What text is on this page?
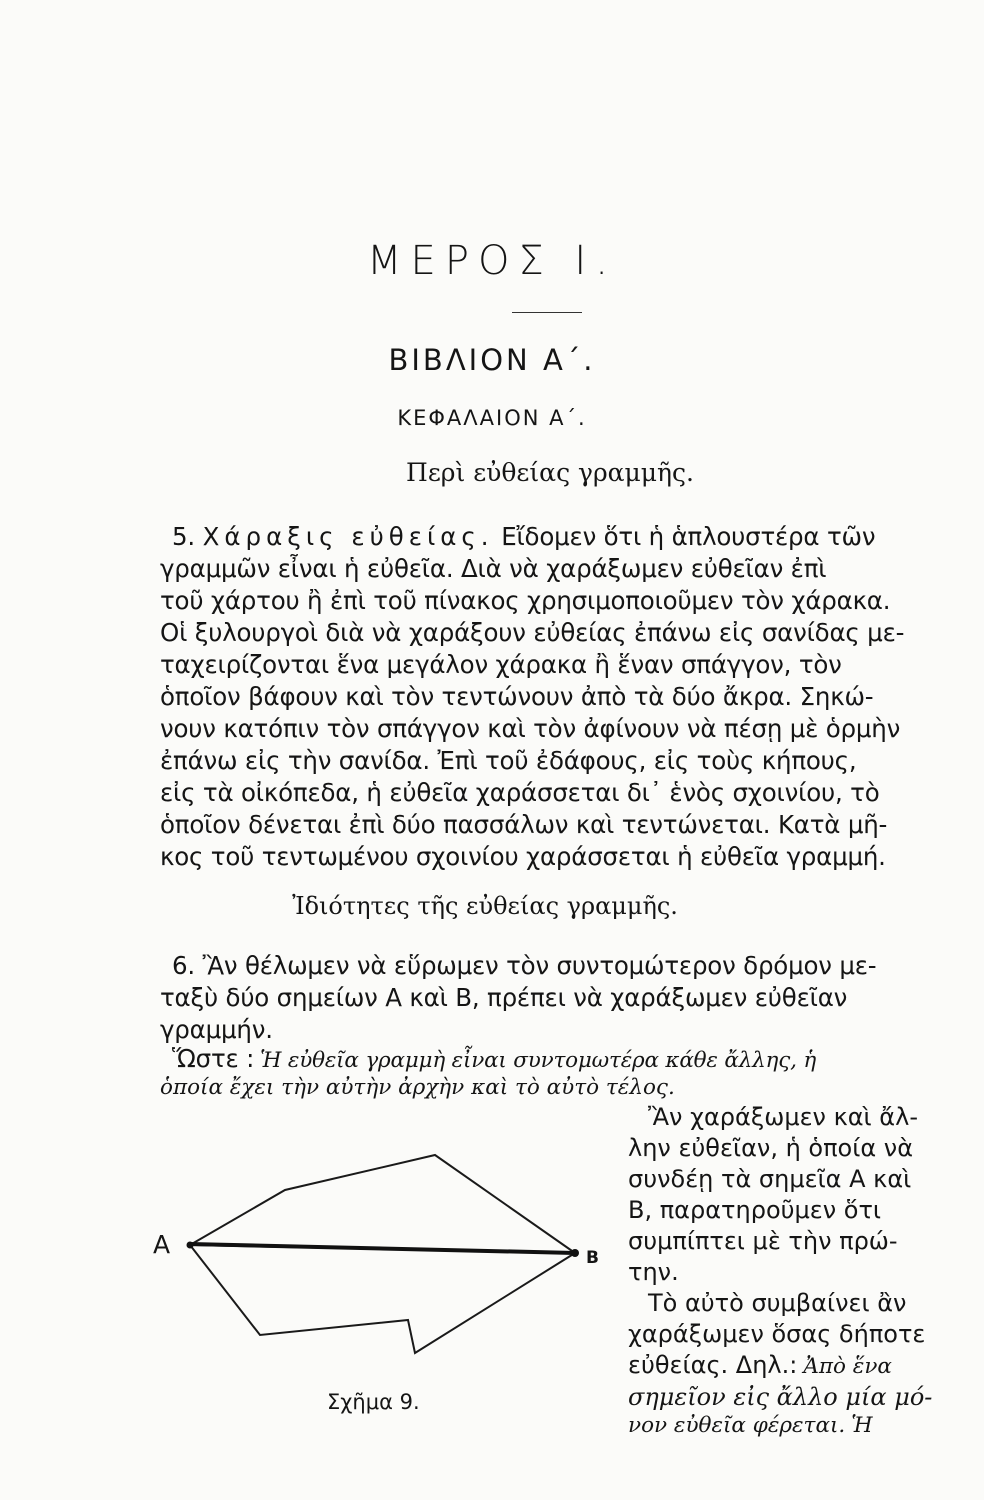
ΜΕΡΟΣ Ι.
ΒΙΒΛΙΟΝ Α΄.
ΚΕΦΑΛΑΙΟΝ Α΄.
Περὶ εὐθείας γραμμῆς.
5. Χάραξις εὐθείας. Εἴδομεν ὅτι ἡ ἁπλουστέρα τῶν
γραμμῶν εἶναι ἡ εὐθεῖα. Διὰ νὰ χαράξωμεν εὐθεῖαν ἐπὶ
τοῦ χάρτου ἢ ἐπὶ τοῦ πίνακος χρησιμοποιοῦμεν τὸν χάρακα.
Οἱ ξυλουργοὶ διὰ νὰ χαράξουν εὐθείας ἐπάνω εἰς σανίδας με-
ταχειρίζονται ἕνα μεγάλον χάρακα ἢ ἕναν σπάγγον, τὸν
ὁποῖον βάφουν καὶ τὸν τεντώνουν ἀπὸ τὰ δύο ἄκρα. Σηκώ-
νουν κατόπιν τὸν σπάγγον καὶ τὸν ἀφίνουν νὰ πέσῃ μὲ ὁρμὴν
ἐπάνω εἰς τὴν σανίδα. Ἐπὶ τοῦ ἐδάφους, εἰς τοὺς κήπους,
εἰς τὰ οἰκόπεδα, ἡ εὐθεῖα χαράσσεται δι᾿ ἑνὸς σχοινίου, τὸ
ὁποῖον δένεται ἐπὶ δύο πασσάλων καὶ τεντώνεται. Κατὰ μῆ-
κος τοῦ τεντωμένου σχοινίου χαράσσεται ἡ εὐθεῖα γραμμή.
Ἰδιότητες τῆς εὐθείας γραμμῆς.
6. Ἂν θέλωμεν νὰ εὕρωμεν τὸν συντομώτερον δρόμον με-
ταξὺ δύο σημείων Α καὶ Β, πρέπει νὰ χαράξωμεν εὐθεῖαν
γραμμήν.
Ὥστε : Ἡ εὐθεῖα γραμμὴ εἶναι συντομωτέρα κάθε ἄλλης, ἡ
ὁποία ἔχει τὴν αὐτὴν ἀρχὴν καὶ τὸ αὐτὸ τέλος.
Ἂν χαράξωμεν καὶ ἄλ-
λην εὐθεῖαν, ἡ ὁποία νὰ
συνδέῃ τὰ σημεῖα Α καὶ
Β, παρατηροῦμεν ὅτι
συμπίπτει μὲ τὴν πρώ-
την.
Τὸ αὐτὸ συμβαίνει ἂν
χαράξωμεν ὅσας δήποτε
εὐθείας. Δηλ.: Ἀπὸ ἕνα
σημεῖον εἰς ἄλλο μία μό-
νον εὐθεῖα φέρεται. Ἡ
Α	Β
Σχῆμα 9.
